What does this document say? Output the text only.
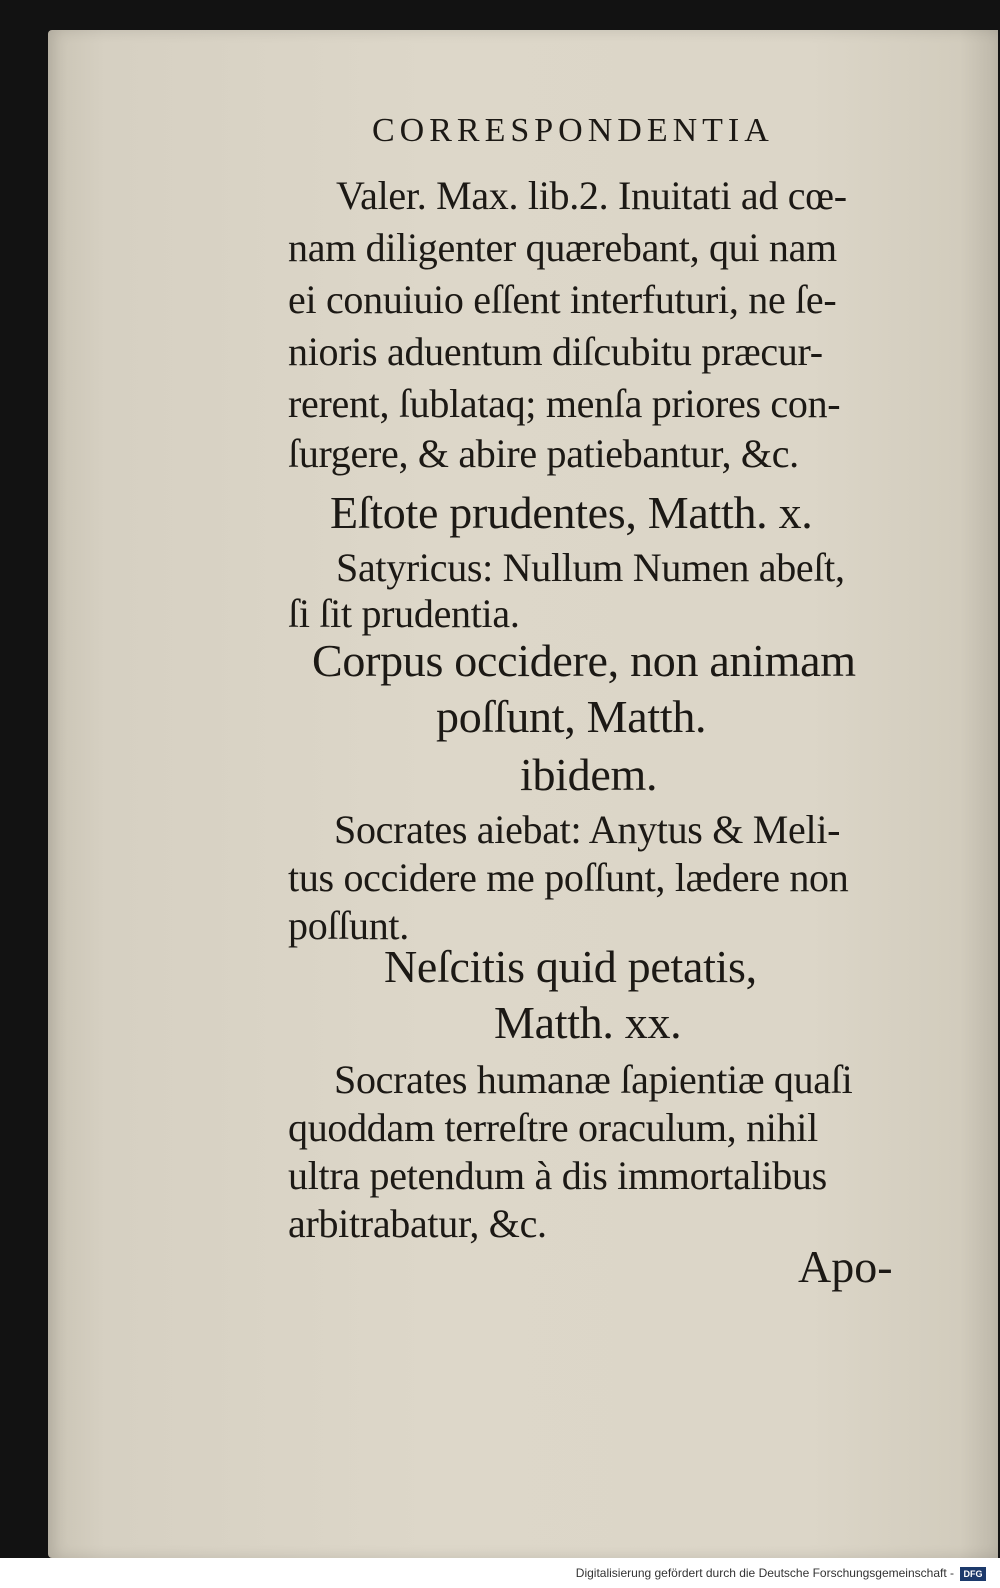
CORRESPONDENTIA
Valer. Max. lib.2. Inuitati ad cœ-
nam diligenter quærebant, qui nam
ei conuiuio eſſent interfuturi, ne ſe-
nioris aduentum diſcubitu præcur-
rerent, ſublataq; menſa priores con-
ſurgere, & abire patiebantur, &c.
Eſtote prudentes, Matth. x.
Satyricus: Nullum Numen abeſt,
ſi ſit prudentia.
Corpus occidere, non animam
poſſunt, Matth.
ibidem.
Socrates aiebat: Anytus & Meli-
tus occidere me poſſunt, lædere non
poſſunt.
Neſcitis quid petatis,
Matth. xx.
Socrates humanæ ſapientiæ quaſi
quoddam terreſtre oraculum, nihil
ultra petendum à dis immortalibus
arbitrabatur, &c.
Apo-
Digitalisierung gefördert durch die Deutsche Forschungsgemeinschaft -	DFG
